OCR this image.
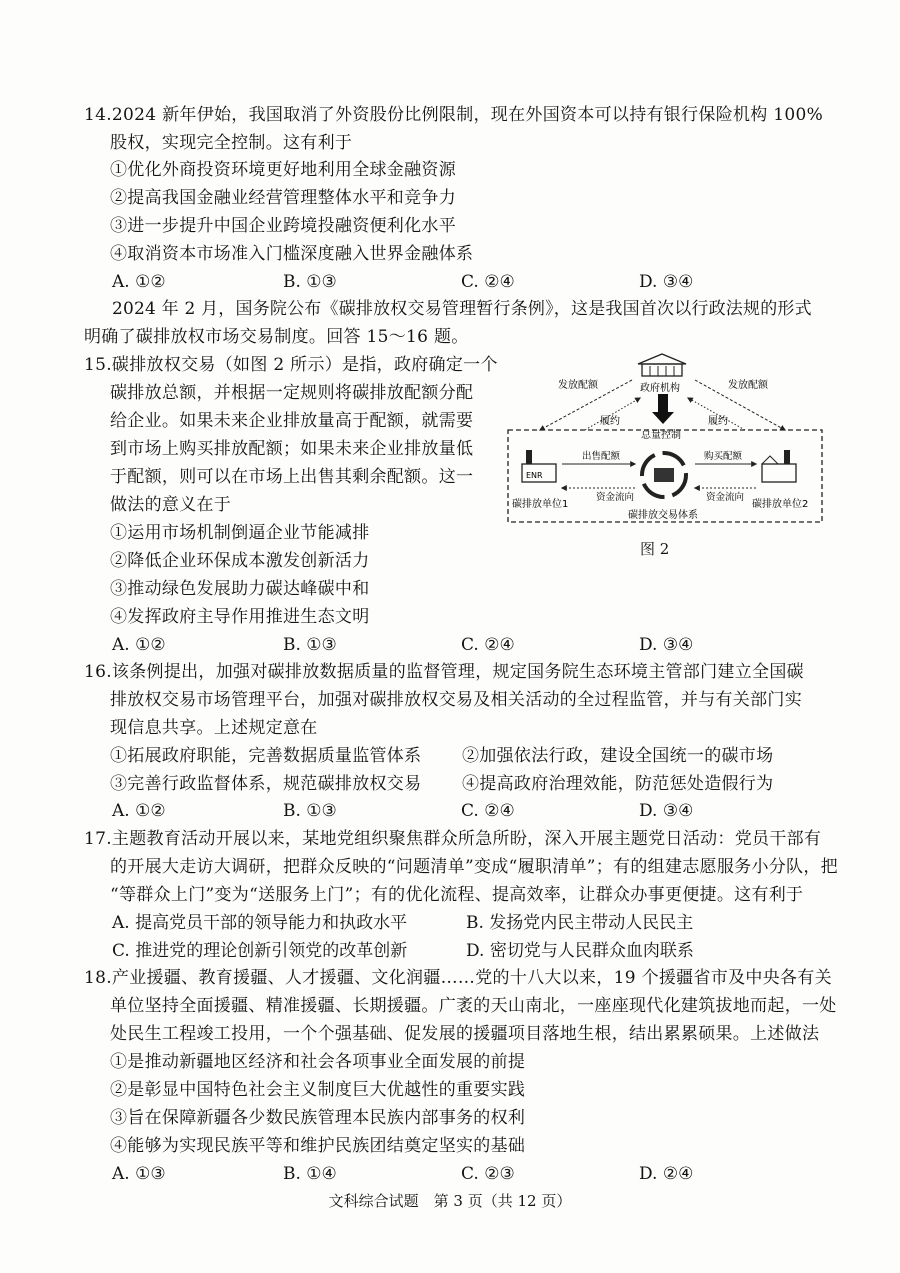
14.2024 新年伊始，我国取消了外资股份比例限制，现在外国资本可以持有银行保险机构 100%
股权，实现完全控制。这有利于
①优化外商投资环境更好地利用全球金融资源
②提高我国金融业经营管理整体水平和竞争力
③进一步提升中国企业跨境投融资便利化水平
④取消资本市场准入门槛深度融入世界金融体系
A. ①②	B. ①③	C. ②④	D. ③④
2024 年 2 月，国务院公布《碳排放权交易管理暂行条例》，这是我国首次以行政法规的形式
明确了碳排放权市场交易制度。回答 15～16 题。
15.碳排放权交易（如图 2 所示）是指，政府确定一个
碳排放总额，并根据一定规则将碳排放配额分配
给企业。如果未来企业排放量高于配额，就需要
到市场上购买排放配额；如果未来企业排放量低
于配额，则可以在市场上出售其剩余配额。这一
做法的意义在于
①运用市场机制倒逼企业节能减排
②降低企业环保成本激发创新活力
③推动绿色发展助力碳达峰碳中和
④发挥政府主导作用推进生态文明
A. ①②	B. ①③	C. ②④	D. ③④
政府机构
发放配额	发放配额
履约	履约
总量控制
ENR
出售配额	购买配额
资金流向	资金流向
碳排放单位1	碳排放单位2
碳排放交易体系
图 2
16.该条例提出，加强对碳排放数据质量的监督管理，规定国务院生态环境主管部门建立全国碳
排放权交易市场管理平台，加强对碳排放权交易及相关活动的全过程监管，并与有关部门实
现信息共享。上述规定意在
①拓展政府职能，完善数据质量监管体系 ②加强依法行政，建设全国统一的碳市场
③完善行政监督体系，规范碳排放权交易 ④提高政府治理效能，防范惩处造假行为
A. ①②	B. ①③	C. ②④	D. ③④
17.主题教育活动开展以来，某地党组织聚焦群众所急所盼，深入开展主题党日活动：党员干部有
的开展大走访大调研，把群众反映的“问题清单”变成“履职清单”；有的组建志愿服务小分队，把
“等群众上门”变为“送服务上门”；有的优化流程、提高效率，让群众办事更便捷。这有利于
A. 提高党员干部的领导能力和执政水平	B. 发扬党内民主带动人民民主
C. 推进党的理论创新引领党的改革创新	D. 密切党与人民群众血肉联系
18.产业援疆、教育援疆、人才援疆、文化润疆……党的十八大以来，19 个援疆省市及中央各有关
单位坚持全面援疆、精准援疆、长期援疆。广袤的天山南北，一座座现代化建筑拔地而起，一处
处民生工程竣工投用，一个个强基础、促发展的援疆项目落地生根，结出累累硕果。上述做法
①是推动新疆地区经济和社会各项事业全面发展的前提
②是彰显中国特色社会主义制度巨大优越性的重要实践
③旨在保障新疆各少数民族管理本民族内部事务的权利
④能够为实现民族平等和维护民族团结奠定坚实的基础
A. ①③	B. ①④	C. ②③	D. ②④
文科综合试题　第 3 页（共 12 页）
